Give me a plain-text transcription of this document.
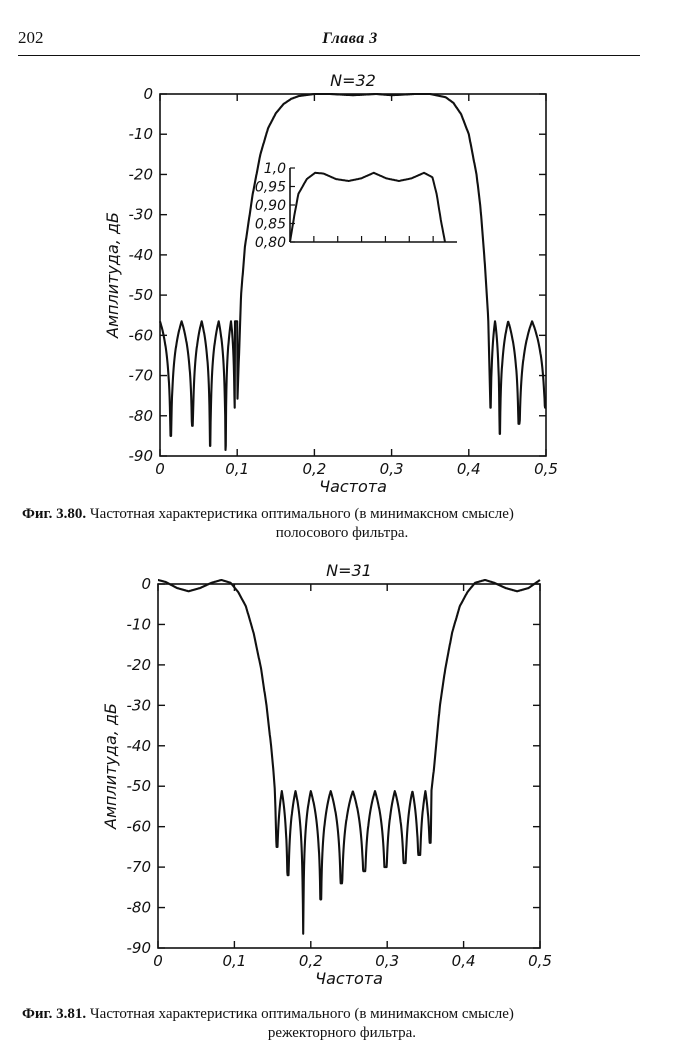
202	Глава 3
N=32
0
-10
-20
-30
-40
-50
-60
-70
-80
-90
0	0,1	0,2	0,3	0,4	0,5
Частота
Амплитуда, дБ
1,0
0,95
0,90
0,85
0,80
Фиг. 3.80. Частотная характеристика оптимального (в минимаксном смысле)
полосового фильтра.
N=31
0
-10
-20
-30
-40
-50
-60
-70
-80
-90
0	0,1	0,2	0,3	0,4	0,5
Частота
Амплитуда, дБ
Фиг. 3.81. Частотная характеристика оптимального (в минимаксном смысле)
режекторного фильтра.
